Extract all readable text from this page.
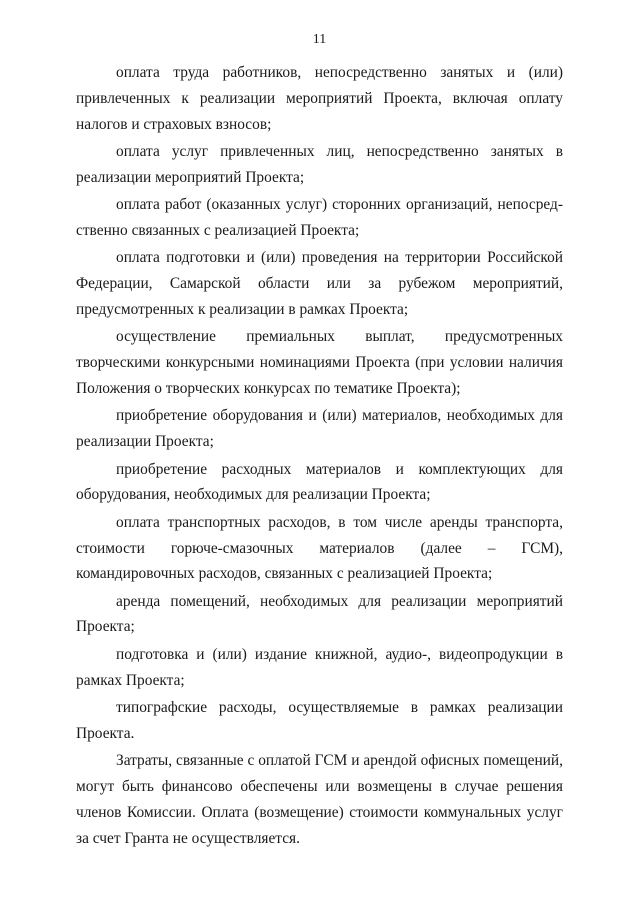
11

оплата труда работников, непосредственно занятых и (или) привлеченных к реализации мероприятий Проекта, включая оплату налогов и страховых взносов;

оплата услуг привлеченных лиц, непосредственно занятых в реализации мероприятий Проекта;

оплата работ (оказанных услуг) сторонних организаций, непосред-ственно связанных с реализацией Проекта;

оплата подготовки и (или) проведения на территории Российской Федерации, Самарской области или за рубежом мероприятий, предусмотренных к реализации в рамках Проекта;

осуществление премиальных выплат, предусмотренных творческими конкурсными номинациями Проекта (при условии наличия Положения о творческих конкурсах по тематике Проекта);

приобретение оборудования и (или) материалов, необходимых для реализации Проекта;

приобретение расходных материалов и комплектующих для оборудования, необходимых для реализации Проекта;

оплата транспортных расходов, в том числе аренды транспорта, стоимости горюче-смазочных материалов (далее – ГСМ), командировочных расходов, связанных с реализацией Проекта;

аренда помещений, необходимых для реализации мероприятий Проекта;

подготовка и (или) издание книжной, аудио-, видеопродукции в рамках Проекта;

типографские расходы, осуществляемые в рамках реализации Проекта.

Затраты, связанные с оплатой ГСМ и арендой офисных помещений, могут быть финансово обеспечены или возмещены в случае решения членов Комиссии. Оплата (возмещение) стоимости коммунальных услуг за счет Гранта не осуществляется.
